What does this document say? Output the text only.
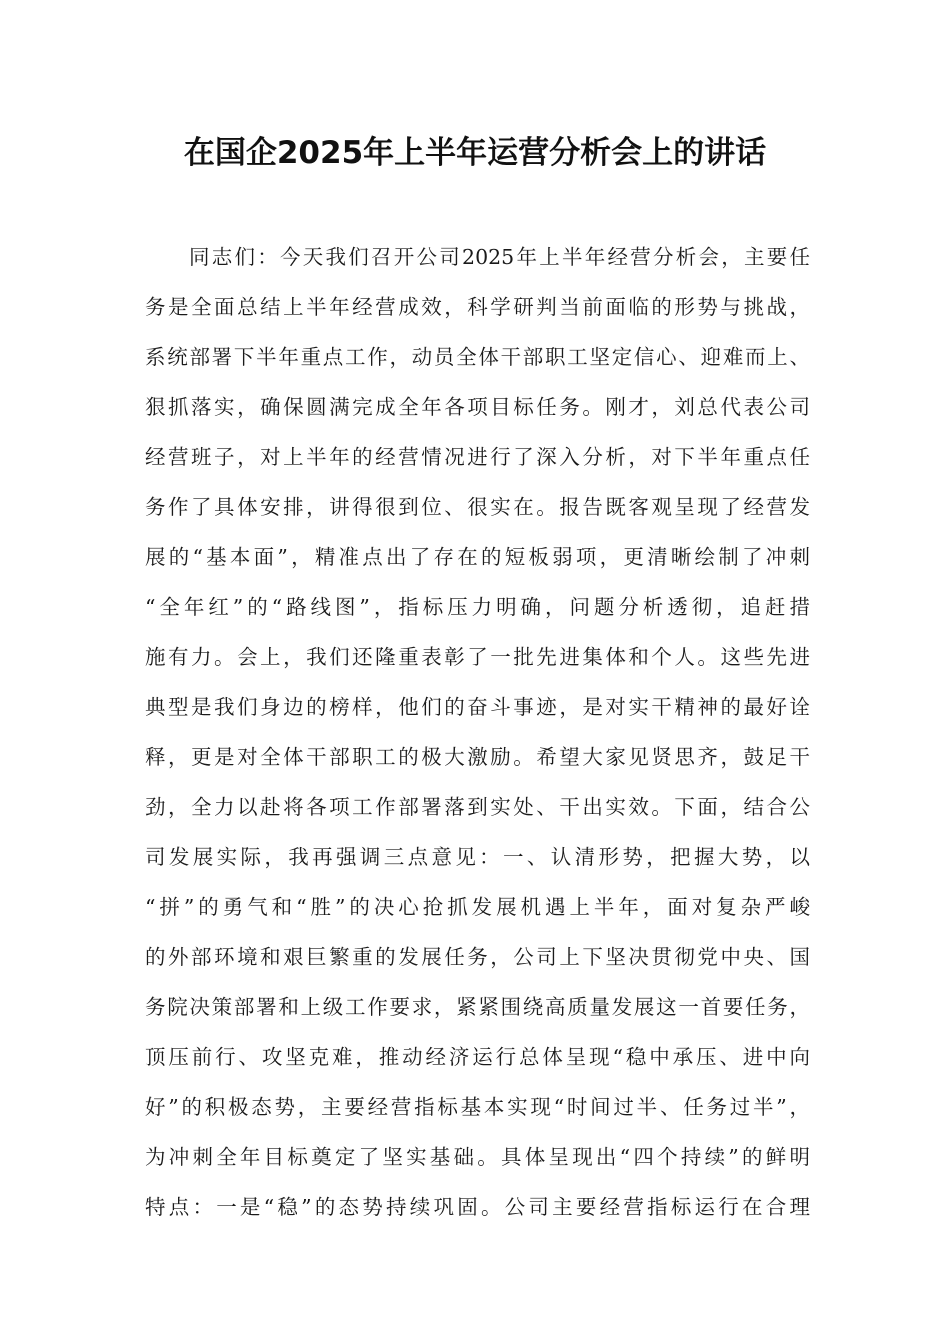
在国企2025年上半年运营分析会上的讲话
同志们：今天我们召开公司2025年上半年经营分析会，主要任
务是全面总结上半年经营成效，科学研判当前面临的形势与挑战，
系统部署下半年重点工作，动员全体干部职工坚定信心、迎难而上、
狠抓落实，确保圆满完成全年各项目标任务。刚才，刘总代表公司
经营班子，对上半年的经营情况进行了深入分析，对下半年重点任
务作了具体安排，讲得很到位、很实在。报告既客观呈现了经营发
展的“基本面”，精准点出了存在的短板弱项，更清晰绘制了冲刺
“全年红”的“路线图”，指标压力明确，问题分析透彻，追赶措
施有力。会上，我们还隆重表彰了一批先进集体和个人。这些先进
典型是我们身边的榜样，他们的奋斗事迹，是对实干精神的最好诠
释，更是对全体干部职工的极大激励。希望大家见贤思齐，鼓足干
劲，全力以赴将各项工作部署落到实处、干出实效。下面，结合公
司发展实际，我再强调三点意见：一、认清形势，把握大势，以
“拼”的勇气和“胜”的决心抢抓发展机遇上半年，面对复杂严峻
的外部环境和艰巨繁重的发展任务，公司上下坚决贯彻党中央、国
务院决策部署和上级工作要求，紧紧围绕高质量发展这一首要任务，
顶压前行、攻坚克难，推动经济运行总体呈现“稳中承压、进中向
好”的积极态势，主要经营指标基本实现“时间过半、任务过半”，
为冲刺全年目标奠定了坚实基础。具体呈现出“四个持续”的鲜明
特点：一是“稳”的态势持续巩固。公司主要经营指标运行在合理
